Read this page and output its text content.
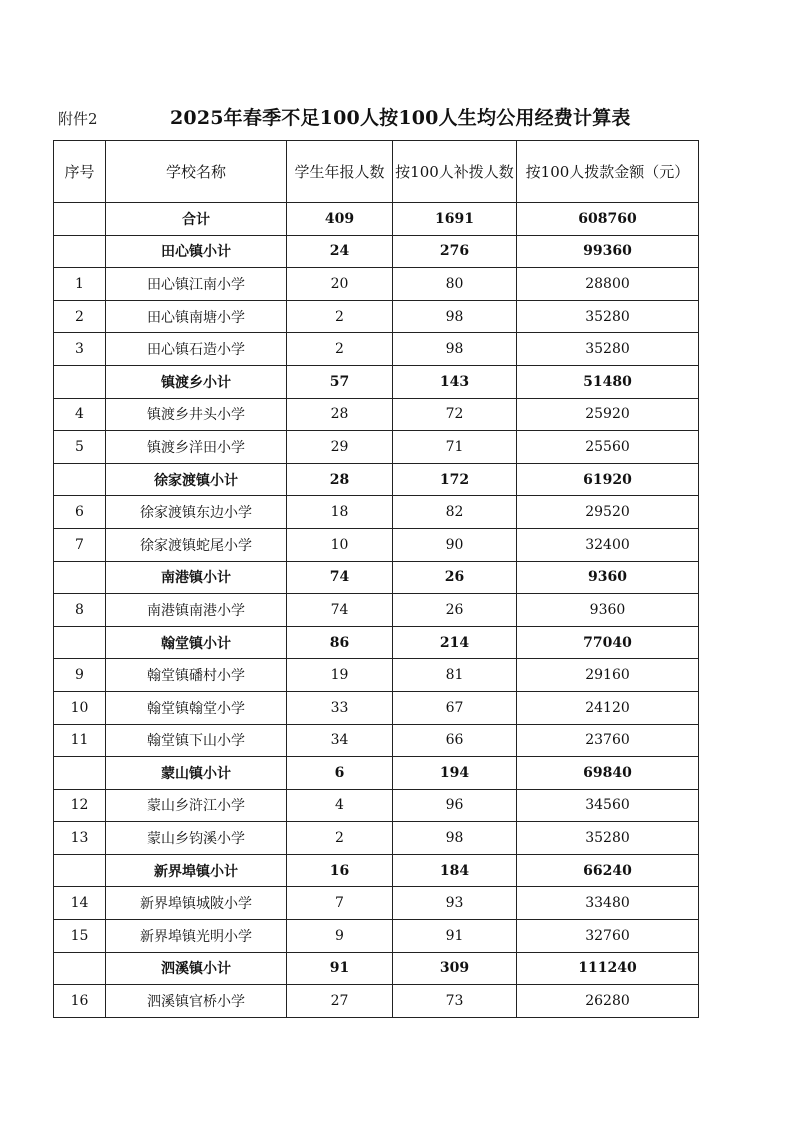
附件2	2025年春季不足100人按100人生均公用经费计算表
序号	学校名称	学生年报人数	按100人补拨人数	按100人拨款金额（元）
	合计	409	1691	608760
	田心镇小计	24	276	99360
1	田心镇江南小学	20	80	28800
2	田心镇南塘小学	2	98	35280
3	田心镇石造小学	2	98	35280
	镇渡乡小计	57	143	51480
4	镇渡乡井头小学	28	72	25920
5	镇渡乡洋田小学	29	71	25560
	徐家渡镇小计	28	172	61920
6	徐家渡镇东边小学	18	82	29520
7	徐家渡镇蛇尾小学	10	90	32400
	南港镇小计	74	26	9360
8	南港镇南港小学	74	26	9360
	翰堂镇小计	86	214	77040
9	翰堂镇磻村小学	19	81	29160
10	翰堂镇翰堂小学	33	67	24120
11	翰堂镇下山小学	34	66	23760
	蒙山镇小计	6	194	69840
12	蒙山乡浒江小学	4	96	34560
13	蒙山乡钧溪小学	2	98	35280
	新界埠镇小计	16	184	66240
14	新界埠镇城陂小学	7	93	33480
15	新界埠镇光明小学	9	91	32760
	泗溪镇小计	91	309	111240
16	泗溪镇官桥小学	27	73	26280
